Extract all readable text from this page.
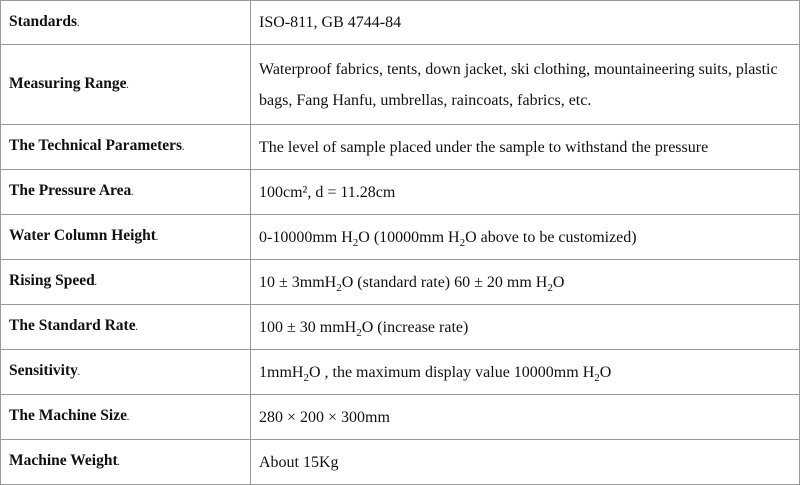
Standards.	ISO-811, GB 4744-84
Measuring Range.	Waterproof fabrics, tents, down jacket, ski clothing, mountaineering suits, plastic bags, Fang Hanfu, umbrellas, raincoats, fabrics, etc.
The Technical Parameters.	The level of sample placed under the sample to withstand the pressure
The Pressure Area.	100cm², d = 11.28cm
Water Column Height.	0-10000mm $H_2O$ (10000mm $H_2O$ above to be customized)
Rising Speed.	10 ± 3mmH$_2$O (standard rate) 60 ± 20 mm $H_2O$
The Standard Rate.	100 ± 30 mmH$_2$O (increase rate)
Sensitivity.	1mmH$_2$O , the maximum display value 10000mm $H_2O$
The Machine Size.	280 × 200 × 300mm
Machine Weight.	About 15Kg
